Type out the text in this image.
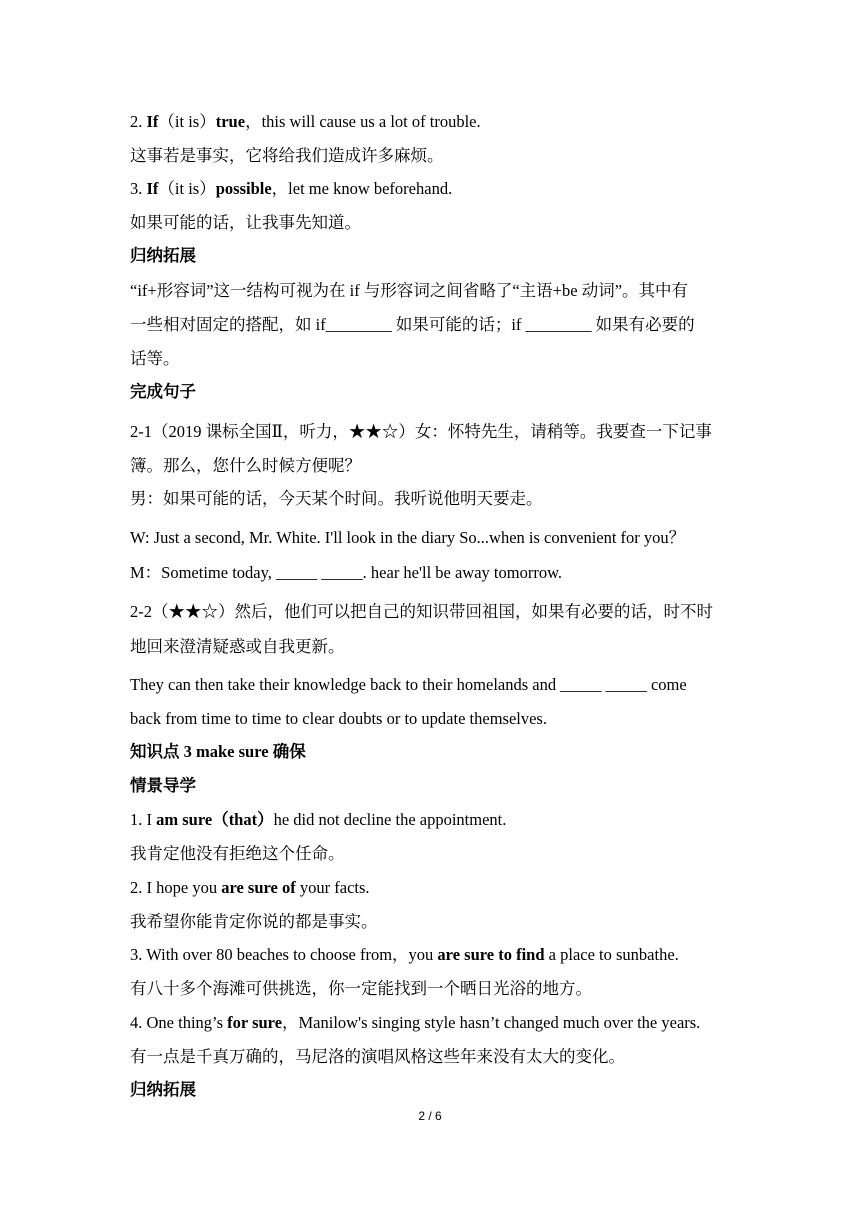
2. If（it is）true，this will cause us a lot of trouble.
这事若是事实，它将给我们造成许多麻烦。
3. If（it is）possible，let me know beforehand.
如果可能的话，让我事先知道。
归纳拓展
“if+形容词”这一结构可视为在 if 与形容词之间省略了“主语+be 动词”。其中有
一些相对固定的搭配，如 if________ 如果可能的话；if ________ 如果有必要的
话等。
完成句子
2-1（2019 课标全国Ⅱ，听力，★★☆）女：怀特先生，请稍等。我要查一下记事
簿。那么，您什么时候方便呢？
男：如果可能的话，今天某个时间。我听说他明天要走。
W: Just a second, Mr. White. I'll look in the diary So...when is convenient for you？
M：Sometime today, _____ _____. hear he'll be away tomorrow.
2-2（★★☆）然后，他们可以把自己的知识带回祖国，如果有必要的话，时不时
地回来澄清疑惑或自我更新。
They can then take their knowledge back to their homelands and _____ _____ come
back from time to time to clear doubts or to update themselves.
知识点 3 make sure 确保
情景导学
1. I am sure（that）he did not decline the appointment.
我肯定他没有拒绝这个任命。
2. I hope you are sure of your facts.
我希望你能肯定你说的都是事实。
3. With over 80 beaches to choose from，you are sure to find a place to sunbathe.
有八十多个海滩可供挑选，你一定能找到一个晒日光浴的地方。
4. One thing’s for sure，Manilow's singing style hasn’t changed much over the years.
有一点是千真万确的，马尼洛的演唱风格这些年来没有太大的变化。
归纳拓展
2 / 6
